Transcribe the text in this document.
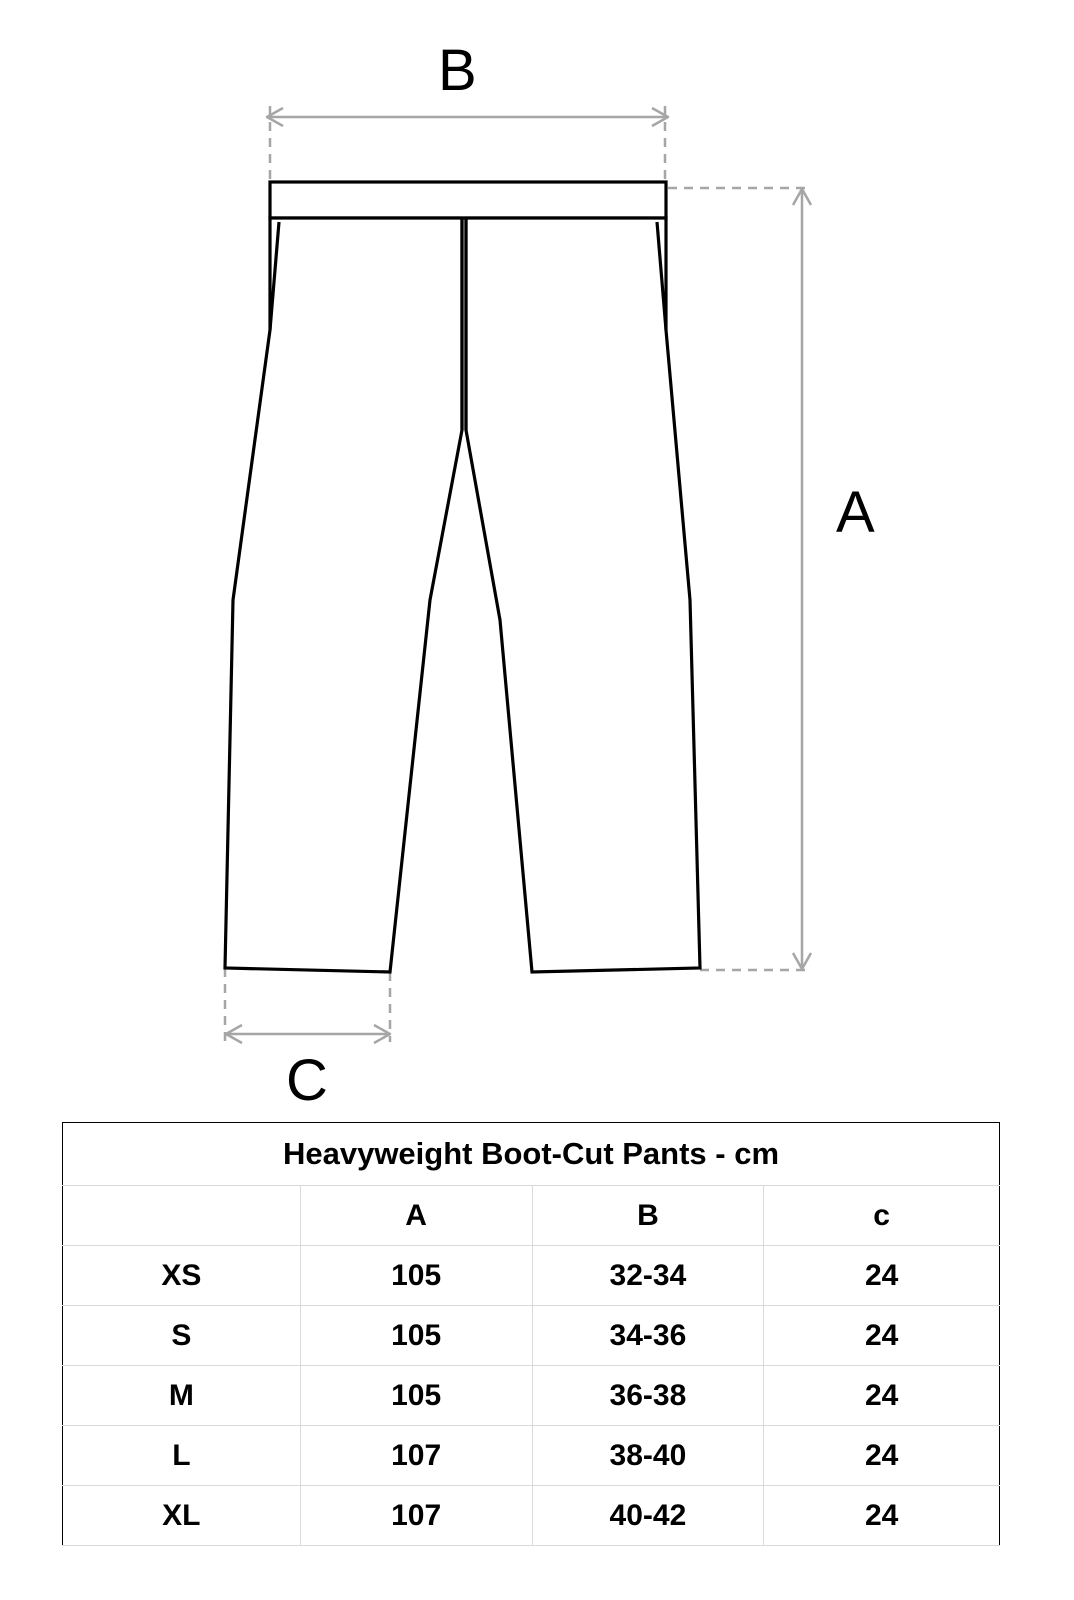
B
A
C
Heavyweight Boot-Cut Pants - cm			
	A	B	c
XS	105	32-34	24
S	105	34-36	24
M	105	36-38	24
L	107	38-40	24
XL	107	40-42	24
